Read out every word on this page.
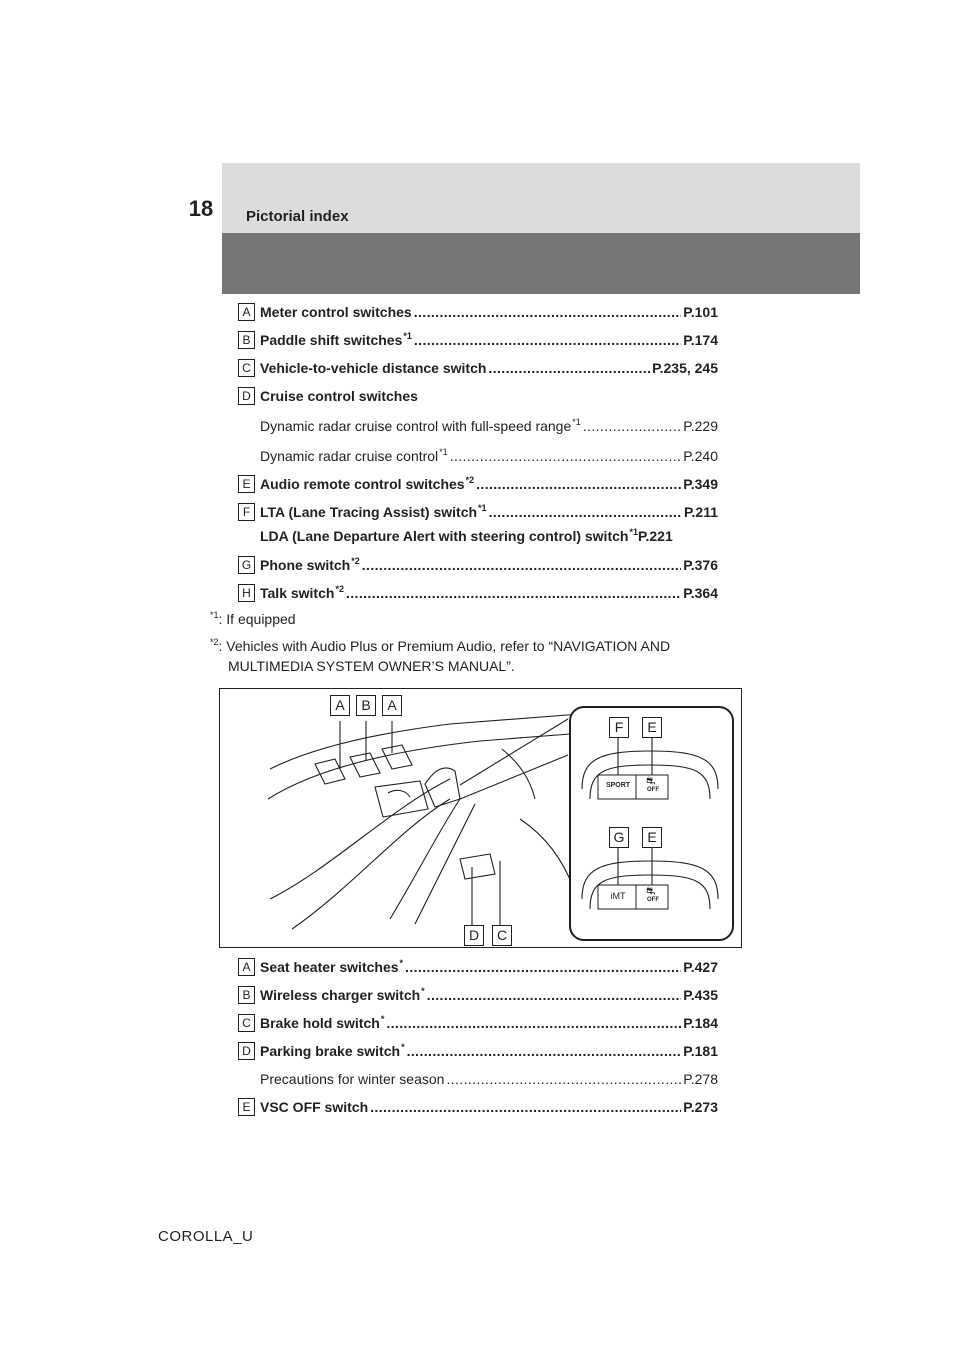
18	Pictorial index
A Meter control switches .....	P.101
B Paddle shift switches *1 .....	P.174
C Vehicle-to-vehicle distance switch .....	P.235, 245
D Cruise control switches
Dynamic radar cruise control with full-speed range *1 .....	P.229
Dynamic radar cruise control *1 .....	P.240
E Audio remote control switches *2 .....	P.349
F LTA (Lane Tracing Assist) switch *1 .....	P.211
LDA (Lane Departure Alert with steering control) switch *1 P.221
G Phone switch *2 .....	P.376
H Talk switch *2 .....	P.364
$^{*1}$: If equipped
$^{*2}$: Vehicles with Audio Plus or Premium Audio, refer to “NAVIGATION AND
MULTIMEDIA SYSTEM OWNER’S MANUAL”.
A	B	A
D	C
F	E
G	E
SPORT
OFF
iMT	OFF
⛐
⛐
A Seat heater switches * .....	P.427
B Wireless charger switch * .....	P.435
C Brake hold switch * .....	P.184
D Parking brake switch * .....	P.181
Precautions for winter season .....	P.278
E VSC OFF switch .....	P.273
COROLLA_U
